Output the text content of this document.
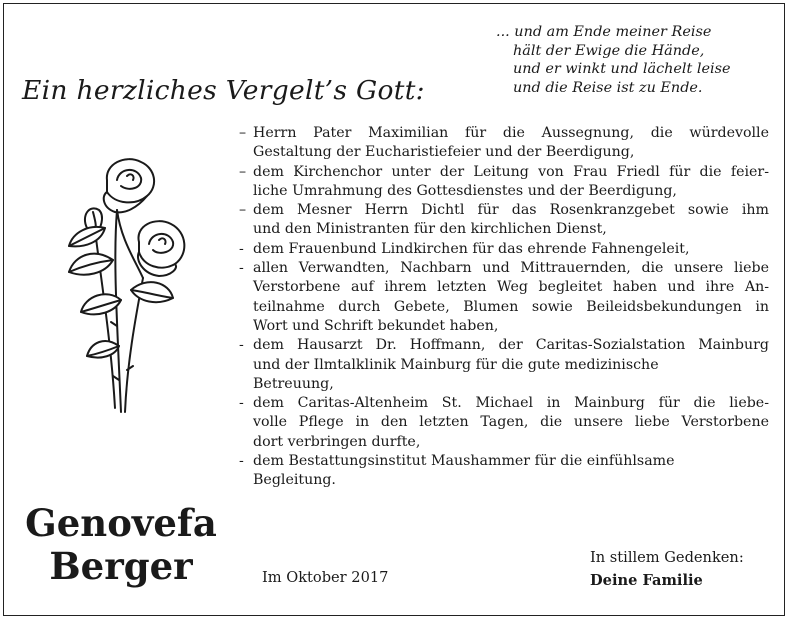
... und am Ende meiner Reise
hält der Ewige die Hände,
und er winkt und lächelt leise
und die Reise ist zu Ende.
Ein herzliches Vergelt’s Gott:
Genovefa
Berger
– Herrn Pater Maximilian für die Aussegnung, die würdevolle
Gestaltung der Eucharistiefeier und der Beerdigung,
– dem Kirchenchor unter der Leitung von Frau Friedl für die feier-
liche Umrahmung des Gottesdienstes und der Beerdigung,
– dem Mesner Herrn Dichtl für das Rosenkranzgebet sowie ihm
und den Ministranten für den kirchlichen Dienst,
- dem Frauenbund Lindkirchen für das ehrende Fahnengeleit,
- allen Verwandten, Nachbarn und Mittrauernden, die unsere liebe
Verstorbene auf ihrem letzten Weg begleitet haben und ihre An-
teilnahme durch Gebete, Blumen sowie Beileidsbekundungen in
Wort und Schrift bekundet haben,
- dem Hausarzt Dr. Hoffmann, der Caritas-Sozialstation Mainburg
und der Ilmtalklinik Mainburg für die gute medizinische
Betreuung,
- dem Caritas-Altenheim St. Michael in Mainburg für die liebe-
volle Pflege in den letzten Tagen, die unsere liebe Verstorbene
dort verbringen durfte,
- dem Bestattungsinstitut Maushammer für die einfühlsame
Begleitung.
Im Oktober 2017
In stillem Gedenken:
Deine Familie
